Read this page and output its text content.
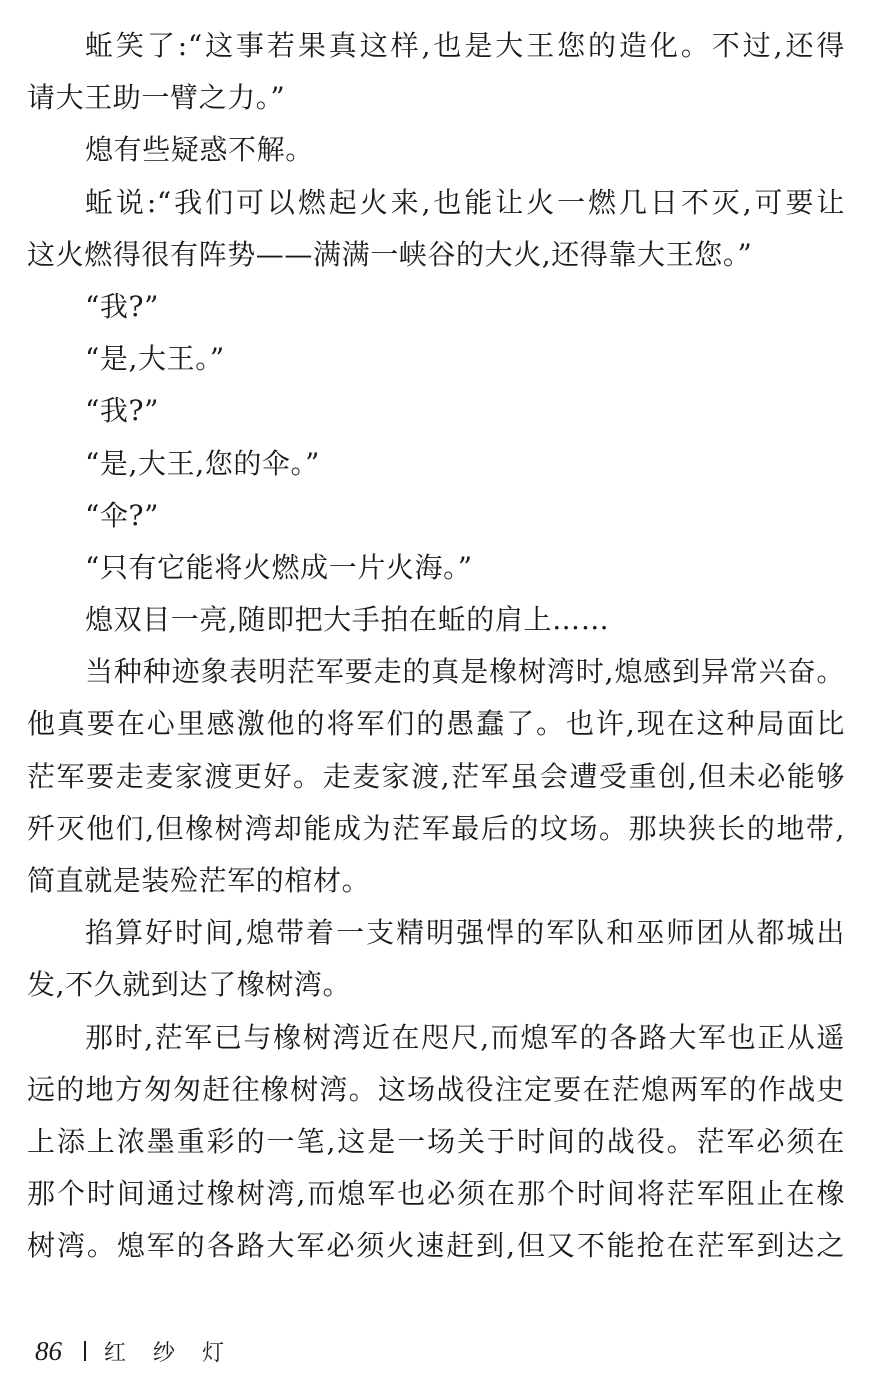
蚯笑了:“这事若果真这样,也是大王您的造化。不过,还得
请大王助一臂之力。”
熄有些疑惑不解。
蚯说:“我们可以燃起火来,也能让火一燃几日不灭,可要让
这火燃得很有阵势——满满一峡谷的大火,还得靠大王您。”
“我?”
“是,大王。”
“我?”
“是,大王,您的伞。”
“伞?”
“只有它能将火燃成一片火海。”
熄双目一亮,随即把大手拍在蚯的肩上……
当种种迹象表明茫军要走的真是橡树湾时,熄感到异常兴奋。
他真要在心里感激他的将军们的愚蠢了。也许,现在这种局面比
茫军要走麦家渡更好。走麦家渡,茫军虽会遭受重创,但未必能够
歼灭他们,但橡树湾却能成为茫军最后的坟场。那块狭长的地带,
简直就是装殓茫军的棺材。
掐算好时间,熄带着一支精明强悍的军队和巫师团从都城出
发,不久就到达了橡树湾。
那时,茫军已与橡树湾近在咫尺,而熄军的各路大军也正从遥
远的地方匆匆赶往橡树湾。这场战役注定要在茫熄两军的作战史
上添上浓墨重彩的一笔,这是一场关于时间的战役。茫军必须在
那个时间通过橡树湾,而熄军也必须在那个时间将茫军阻止在橡
树湾。熄军的各路大军必须火速赶到,但又不能抢在茫军到达之
86 红 纱 灯
